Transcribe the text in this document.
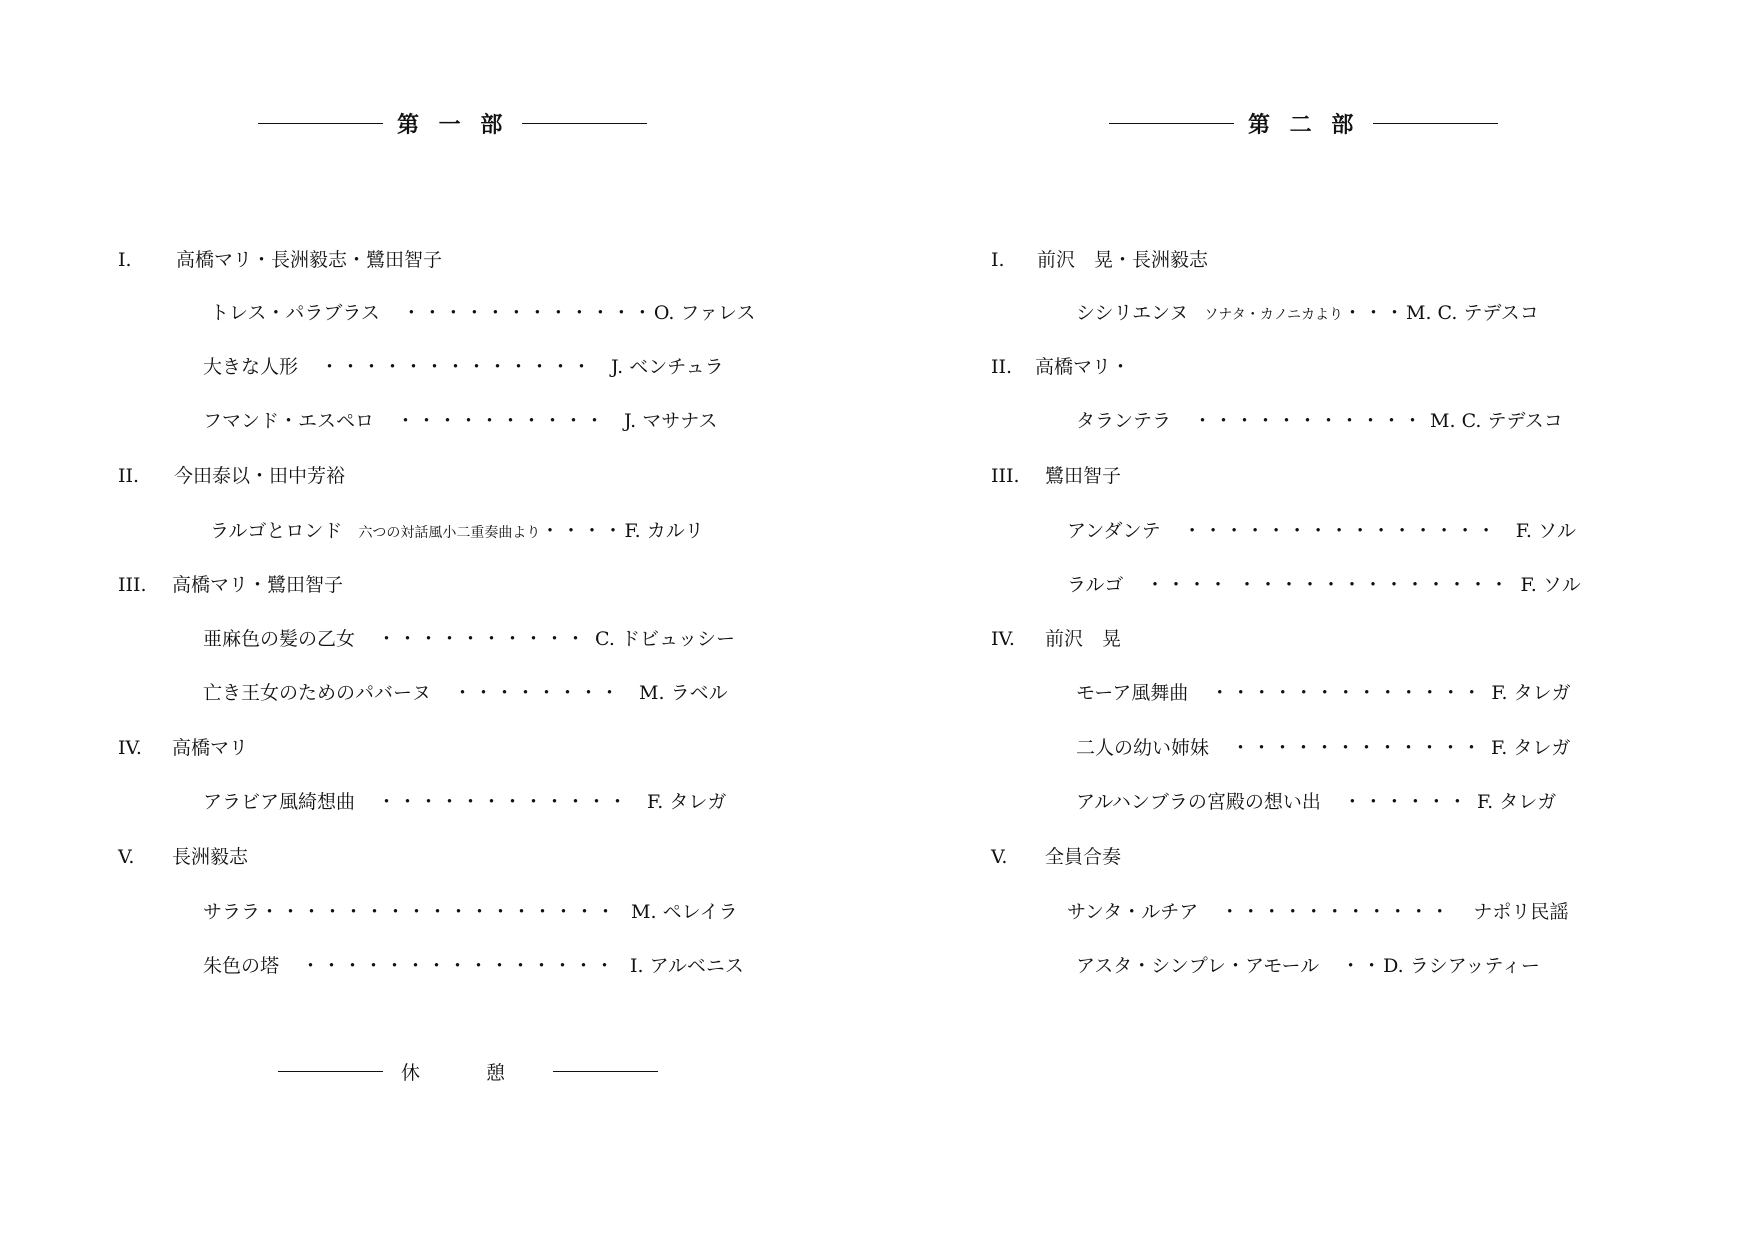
第 一 部
I. 高橋マリ・長洲毅志・鷺田智子
トレス・パラブラス ・・・・・・・・・・・・O. ファレス
大きな人形 ・・・・・・・・・・・・・ J. ベンチュラ
フマンド・エスペロ ・・・・・・・・・・ J. マサナス
II. 今田泰以・田中芳裕
ラルゴとロンド 六つの対話風小二重奏曲より・・・・F. カルリ
III. 高橋マリ・鷺田智子
亜麻色の髪の乙女 ・・・・・・・・・・ C. ドビュッシー
亡き王女のためのパバーヌ ・・・・・・・・ M. ラベル
IV. 高橋マリ
アラビア風綺想曲 ・・・・・・・・・・・・ F. タレガ
V. 長洲毅志
サララ・・・・・・・・・・・・・・・・・ M. ペレイラ
朱色の塔 ・・・・・・・・・・・・・・・ I. アルベニス
休 憩
第 二 部
I. 前沢　晃・長洲毅志
シシリエンヌ ソナタ・カノニカより・・・M. C. テデスコ
II. 高橋マリ・
タランテラ ・・・・・・・・・・・ M. C. テデスコ
III. 鷺田智子
アンダンテ ・・・・・・・・・・・・・・・ F. ソル
ラルゴ ・・・・ ・・・・・・・・・・・・・ F. ソル
IV. 前沢　晃
モーア風舞曲 ・・・・・・・・・・・・・ F. タレガ
二人の幼い姉妹 ・・・・・・・・・・・・ F. タレガ
アルハンブラの宮殿の想い出 ・・・・・・ F. タレガ
V. 全員合奏
サンタ・ルチア ・・・・・・・・・・・ ナポリ民謡
アスタ・シンプレ・アモール ・・D. ラシアッティー
